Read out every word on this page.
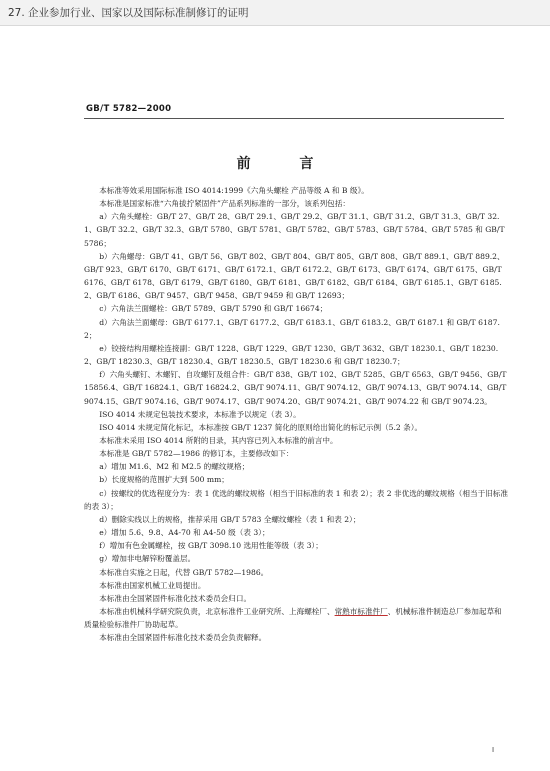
27. 企业参加行业、国家以及国际标准制修订的证明
GB/T 5782—2000
前 言

本标准等效采用国际标准 ISO 4014:1999《六角头螺栓 产品等级 A 和 B 级》。

本标准是国家标准“六角拔拧紧固件”产品系列标准的一部分，该系列包括：

a）六角头螺栓：GB/T 27、GB/T 28、GB/T 29.1、GB/T 29.2、GB/T 31.1、GB/T 31.2、GB/T 31.3、GB/T 32.1、GB/T 32.2、GB/T 32.3、GB/T 5780、GB/T 5781、GB/T 5782、GB/T 5783、GB/T 5784、GB/T 5785 和 GB/T 5786；

b）六角螺母：GB/T 41、GB/T 56、GB/T 802、GB/T 804、GB/T 805、GB/T 808、GB/T 889.1、GB/T 889.2、GB/T 923、GB/T 6170、GB/T 6171、GB/T 6172.1、GB/T 6172.2、GB/T 6173、GB/T 6174、GB/T 6175、GB/T 6176、GB/T 6178、GB/T 6179、GB/T 6180、GB/T 6181、GB/T 6182、GB/T 6184、GB/T 6185.1、GB/T 6185.2、GB/T 6186、GB/T 9457、GB/T 9458、GB/T 9459 和 GB/T 12693；

c）六角法兰面螺栓：GB/T 5789、GB/T 5790 和 GB/T 16674；

d）六角法兰面螺母：GB/T 6177.1、GB/T 6177.2、GB/T 6183.1、GB/T 6183.2、GB/T 6187.1 和 GB/T 6187.2；

e）铰接结构用螺栓连接副：GB/T 1228、GB/T 1229、GB/T 1230、GB/T 3632、GB/T 18230.1、GB/T 18230.2、GB/T 18230.3、GB/T 18230.4、GB/T 18230.5、GB/T 18230.6 和 GB/T 18230.7；

f）六角头螺钉、木螺钉、自攻螺钉及组合件：GB/T 838、GB/T 102、GB/T 5285、GB/T 6563、GB/T 9456、GB/T 15856.4、GB/T 16824.1、GB/T 16824.2、GB/T 9074.11、GB/T 9074.12、GB/T 9074.13、GB/T 9074.14、GB/T 9074.15、GB/T 9074.16、GB/T 9074.17、GB/T 9074.20、GB/T 9074.21、GB/T 9074.22 和 GB/T 9074.23。

ISO 4014 未规定包装技术要求，本标准予以规定（表 3）。

ISO 4014 未规定简化标记，本标准按 GB/T 1237 简化的原则给出简化的标记示例（5.2 条）。

本标准未采用 ISO 4014 所附的目录，其内容已列入本标准的前言中。

本标准是 GB/T 5782—1986 的修订本，主要修改如下：

a）增加 M1.6、M2 和 M2.5 的螺纹规格；

b）长度规格的范围扩大到 500 mm；

c）按螺纹的优选程度分为：表 1 优选的螺纹规格（相当于旧标准的表 1 和表 2）；表 2 非优选的螺纹规格（相当于旧标准的表 3）；

d）删除实线以上的规格，推荐采用 GB/T 5783 全螺纹螺栓（表 1 和表 2）；

e）增加 5.6、9.8、A4-70 和 A4-50 级（表 3）；

f）增加有色金属螺栓，按 GB/T 3098.10 选用性能等级（表 3）；

g）增加非电解锌粉覆盖层。

本标准自实施之日起，代替 GB/T 5782—1986。

本标准由国家机械工业局提出。

本标准由全国紧固件标准化技术委员会归口。

本标准由机械科学研究院负责，北京标准件工业研究所、上海螺栓厂、常熟市标准件厂、机械标准件制造总厂参加起草和质量检验标准件厂协助起草。

本标准由全国紧固件标准化技术委员会负责解释。

I
